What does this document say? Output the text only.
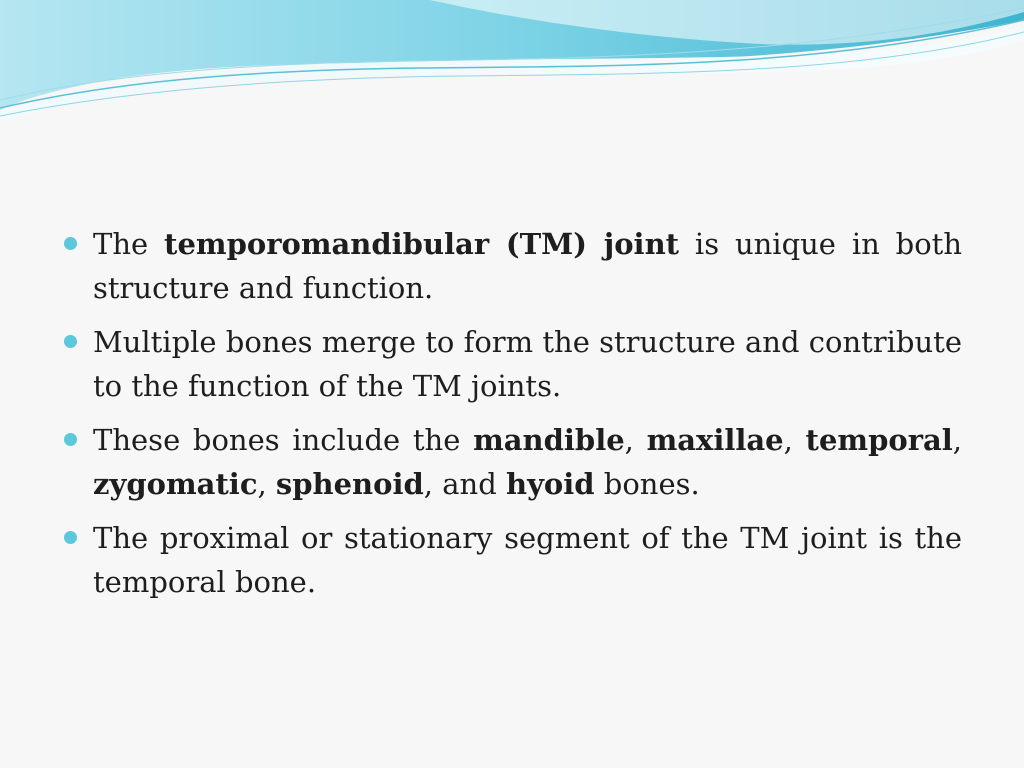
The temporomandibular (TM) joint is unique in both structure and function.
Multiple bones merge to form the structure and contribute to the function of the TM joints.
These bones include the mandible, maxillae, temporal, zygomatic, sphenoid, and hyoid bones.
The proximal or stationary segment of the TM joint is the temporal bone.
